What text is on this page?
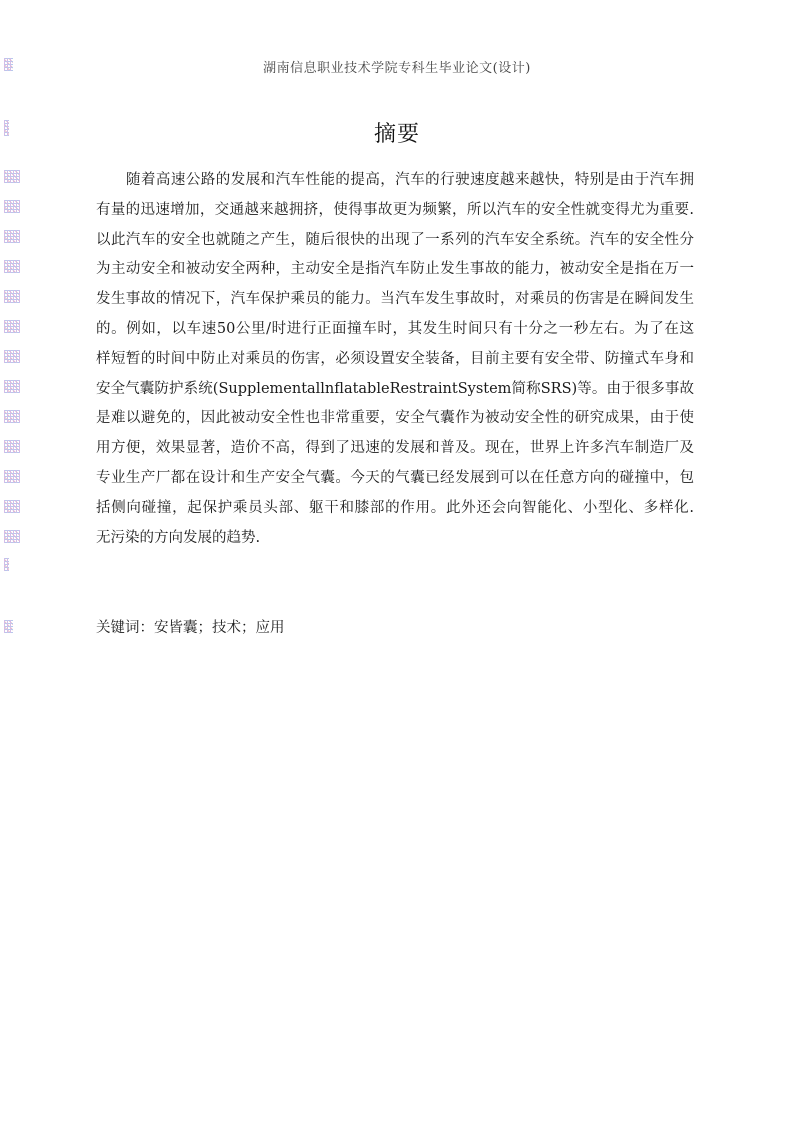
湖南信息职业技术学院专科生毕业论文(设计)
摘要
随着高速公路的发展和汽车性能的提高，汽车的行驶速度越来越快，特别是由于汽车拥
有量的迅速增加，交通越来越拥挤，使得事故更为频繁，所以汽车的安全性就变得尤为重要.
以此汽车的安全也就随之产生，随后很快的出现了一系列的汽车安全系统。汽车的安全性分
为主动安全和被动安全两种，主动安全是指汽车防止发生事故的能力，被动安全是指在万一
发生事故的情况下，汽车保护乘员的能力。当汽车发生事故时，对乘员的伤害是在瞬间发生
的。例如，以车速50公里/时进行正面撞车时，其发生时间只有十分之一秒左右。为了在这
样短暂的时间中防止对乘员的伤害，必须设置安全装备，目前主要有安全带、防撞式车身和
安全气囊防护系统(SupplementallnflatableRestraintSystem简称SRS)等。由于很多事故
是难以避免的，因此被动安全性也非常重要，安全气囊作为被动安全性的研究成果，由于使
用方便，效果显著，造价不高，得到了迅速的发展和普及。现在，世界上许多汽车制造厂及
专业生产厂都在设计和生产安全气囊。今天的气囊已经发展到可以在任意方向的碰撞中，包
括侧向碰撞，起保护乘员头部、躯干和膝部的作用。此外还会向智能化、小型化、多样化.
无污染的方向发展的趋势.
关键词：安皆囊；技术；应用
